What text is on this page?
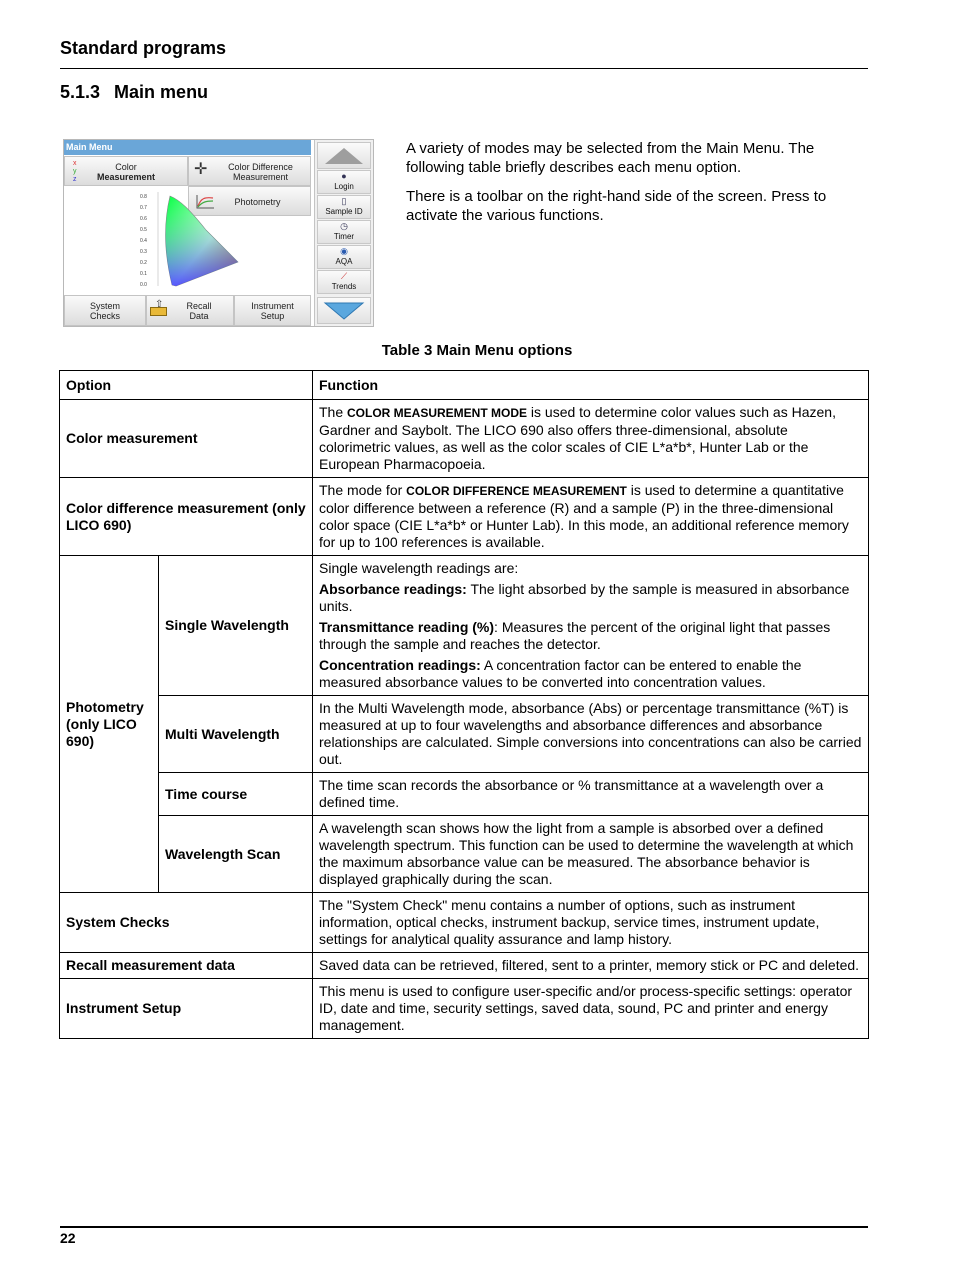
Standard programs
5.1.3 Main menu
Main Menu
x
y
z
Color
Measurement	✛	Color Difference
Measurement
Photometry
0.8
0.7
0.6
0.5
0.4
0.3
0.2
0.1
0.0
System
Checks
⇧	Recall
Data
Instrument
Setup
●
Login
▯
Sample ID
◷
Timer
◉
AQA
⟋
Trends

A variety of modes may be selected from the Main Menu. The following table briefly describes each menu option.

There is a toolbar on the right-hand side of the screen. Press to activate the various functions.

Table 3 Main Menu options
Option		Function
Color measurement		The COLOR MEASUREMENT MODE is used to determine color values such as Hazen, Gardner and Saybolt. The LICO 690 also offers three-dimensional, absolute colorimetric values, as well as the color scales of CIE L*a*b*, Hunter Lab or the European Pharmacopoeia.
Color difference measurement (only LICO 690)		The mode for COLOR DIFFERENCE MEASUREMENT is used to determine a quantitative color difference between a reference (R) and a sample (P) in the three-dimensional color space (CIE L*a*b* or Hunter Lab). In this mode, an additional reference memory for up to 100 references is available.
Photometry (only LICO 690)	Single Wavelength	Single wavelength readings are:

Absorbance readings: The light absorbed by the sample is measured in absorbance units.

Transmittance reading (%): Measures the percent of the original light that passes through the sample and reaches the detector.

Concentration readings: A concentration factor can be entered to enable the measured absorbance values to be converted into concentration values.

	Multi Wavelength	In the Multi Wavelength mode, absorbance (Abs) or percentage transmittance (%T) is measured at up to four wavelengths and absorbance differences and absorbance relationships are calculated. Simple conversions into concentrations can also be carried out.
	Time course	The time scan records the absorbance or % transmittance at a wavelength over a defined time.
	Wavelength Scan	A wavelength scan shows how the light from a sample is absorbed over a defined wavelength spectrum. This function can be used to determine the wavelength at which the maximum absorbance value can be measured. The absorbance behavior is displayed graphically during the scan.
System Checks		The "System Check" menu contains a number of options, such as instrument information, optical checks, instrument backup, service times, instrument update, settings for analytical quality assurance and lamp history.
Recall measurement data		Saved data can be retrieved, filtered, sent to a printer, memory stick or PC and deleted.
Instrument Setup		This menu is used to configure user-specific and/or process-specific settings: operator ID, date and time, security settings, saved data, sound, PC and printer and energy management.
22
